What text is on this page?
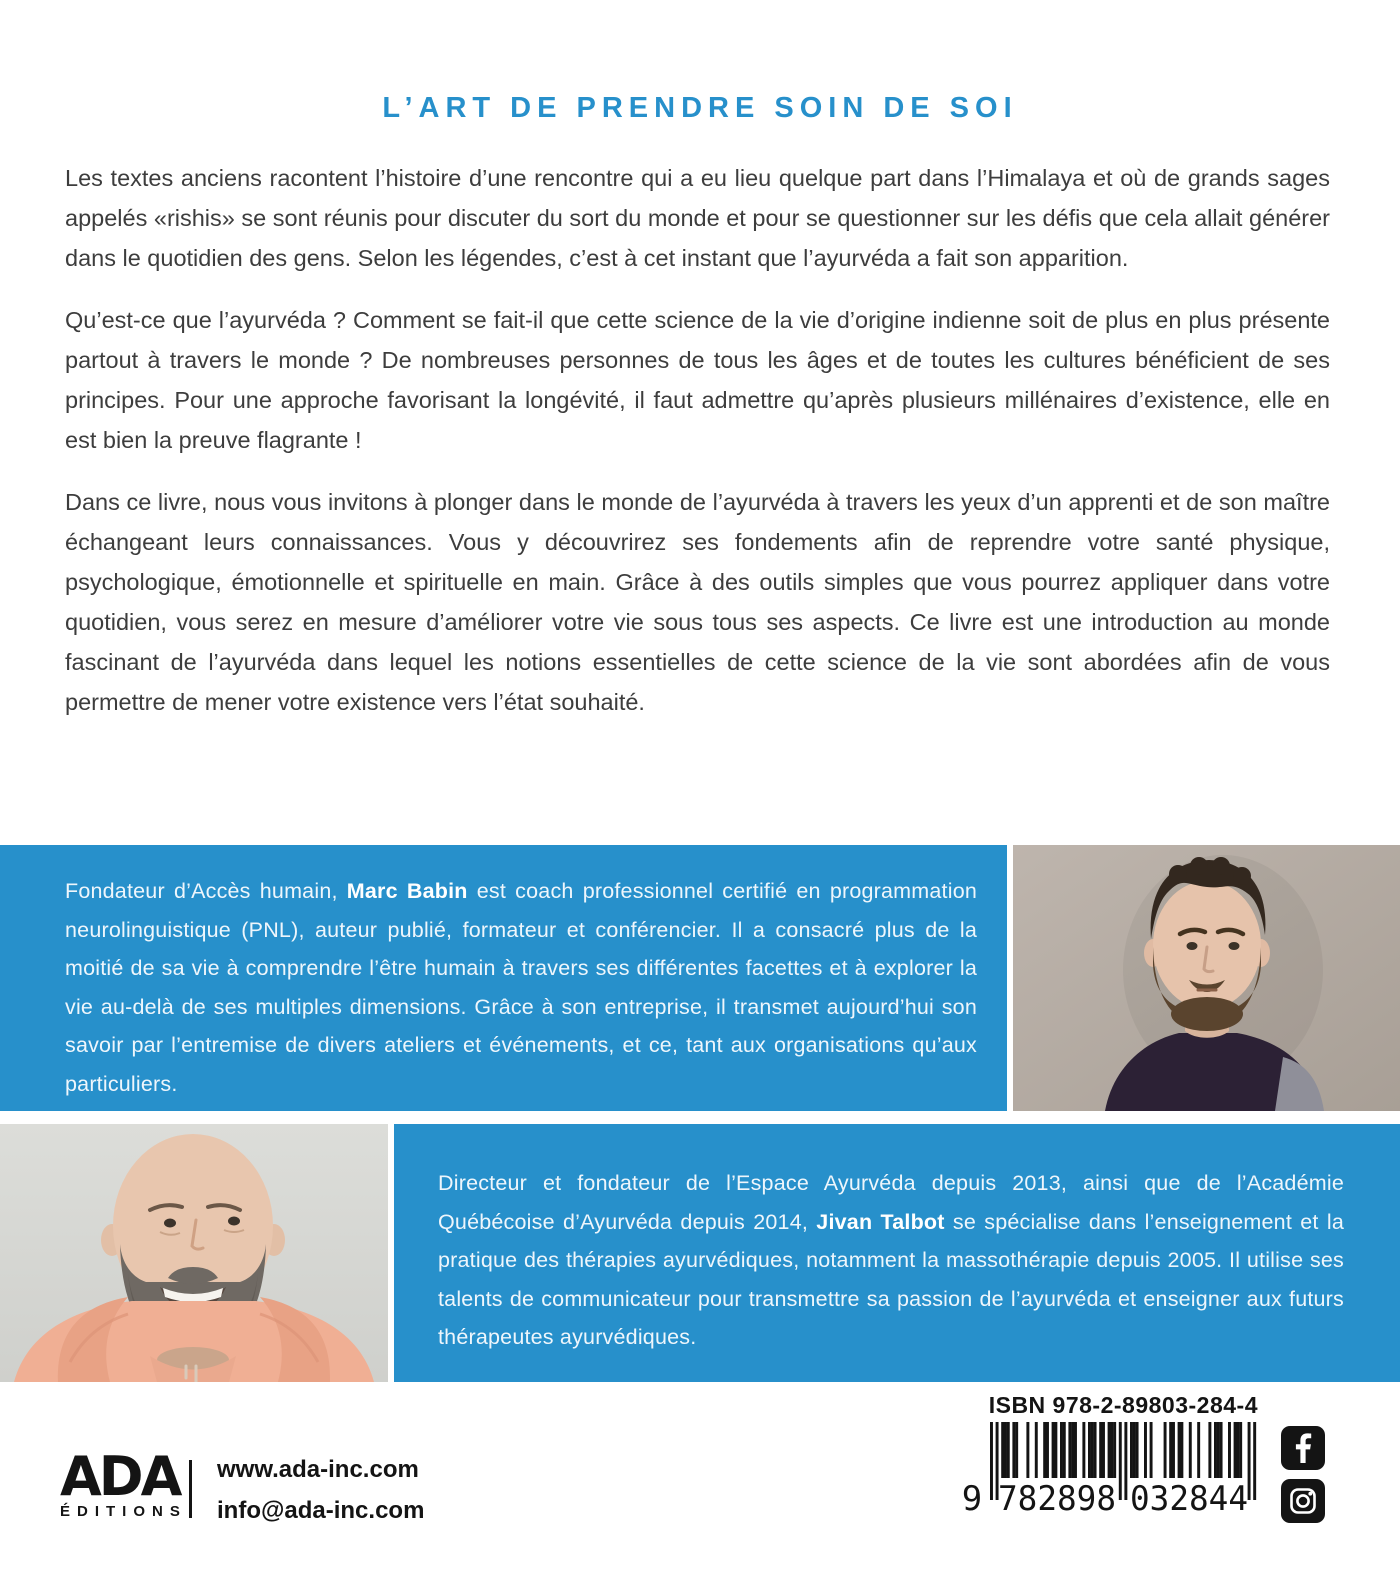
L’ART DE PRENDRE SOIN DE SOI

Les textes anciens racontent l’histoire d’une rencontre qui a eu lieu quelque part dans l’Himalaya et où de grands sages appelés «rishis» se sont réunis pour discuter du sort du monde et pour se questionner sur les défis que cela allait générer dans le quotidien des gens. Selon les légendes, c’est à cet instant que l’ayurvéda a fait son apparition.

Qu’est-ce que l’ayurvéda ? Comment se fait-il que cette science de la vie d’origine indienne soit de plus en plus présente partout à travers le monde ? De nombreuses personnes de tous les âges et de toutes les cultures bénéficient de ses principes. Pour une approche favorisant la longévité, il faut admettre qu’après plusieurs millénaires d’existence, elle en est bien la preuve flagrante !

Dans ce livre, nous vous invitons à plonger dans le monde de l’ayurvéda à travers les yeux d’un apprenti et de son maître échangeant leurs connaissances. Vous y découvrirez ses fondements afin de reprendre votre santé physique, psychologique, émotionnelle et spirituelle en main. Grâce à des outils simples que vous pourrez appliquer dans votre quotidien, vous serez en mesure d’améliorer votre vie sous tous ses aspects. Ce livre est une introduction au monde fascinant de l’ayurvéda dans lequel les notions essentielles de cette science de la vie sont abordées afin de vous permettre de mener votre existence vers l’état souhaité.

Fondateur d’Accès humain, Marc Babin est coach professionnel certifié en programmation neurolinguistique (PNL), auteur publié, formateur et conférencier. Il a consacré plus de la moitié de sa vie à comprendre l’être humain à travers ses différentes facettes et à explorer la vie au-delà de ses multiples dimensions. Grâce à son entreprise, il transmet aujourd’hui son savoir par l’entremise de divers ateliers et événements, et ce, tant aux organisations qu’aux particuliers.

Directeur et fondateur de l’Espace Ayurvéda depuis 2013, ainsi que de l’Académie Québécoise d’Ayurvéda depuis 2014, Jivan Talbot se spécialise dans l’enseignement et la pratique des thérapies ayurvédiques, notamment la massothérapie depuis 2005. Il utilise ses talents de communicateur pour transmettre sa passion de l’ayurvéda et enseigner aux futurs thérapeutes ayurvédiques.

ADA
ÉDITIONS
www.ada-inc.com
info@ada-inc.com
ISBN 978-2-89803-284-4
9 782898 032844
